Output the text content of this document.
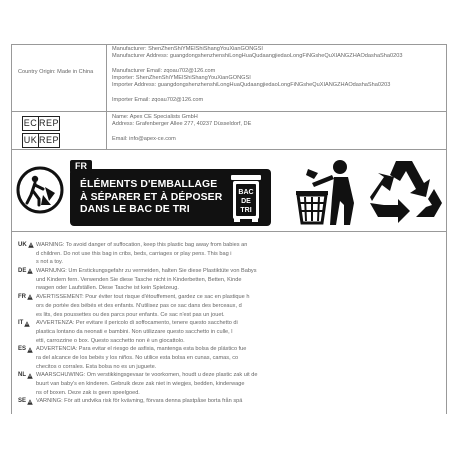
Country Origin: Made in China
Manufacturer: ShenZhenShiYMEIShiShangYouXianGONGSI
Manufacturer Address: guangdongshenzhenshiLongHuaQudaangjiedaoLongFiNGsheQuXIANGZHAOdashaSha0203
Manufacturer Email: zqoau702@126.com
Importer: ShenZhenShiYMEIShiShangYouXianGONGSI
Importer Address: guangdongshenzhenshiLongHuaQudaangjiedaoLongFiNGsheQuXIANGZHAOdashaSha0203
Importer Email: zqoau702@126.com
EC REP
UK REP
Name: Apex CE Specialists GmbH
Address: Grafenberger Allee 277, 40237 Düsseldorf, DE
Email: info@apex-ce.com
FR
ÉLÉMENTS D'EMBALLAGE
À SÉPARER ET À DÉPOSER
DANS LE BAC DE TRI
BAC
DE
TRI
UK WARNING: To avoid danger of suffocation, keep this plastic bag away from babies an
d children. Do not use this bag in cribs, beds, carriages or play pens. This bag i
s not a toy.
DE WARNUNG: Um Erstickungsgefahr zu vermeiden, halten Sie diese Plastiktüte von Babys
und Kindern fern. Verwenden Sie diese Tasche nicht in Kinderbetten, Betten, Kinde
rwagen oder Laufställen. Diese Tasche ist kein Spielzeug.
FR AVERTISSEMENT: Pour éviter tout risque d'étouffement, gardez ce sac en plastique h
ors de portée des bébés et des enfants. N'utilisez pas ce sac dans des berceaux, d
es lits, des poussettes ou des parcs pour enfants. Ce sac n'est pas un jouet.
IT AVVERTENZA: Per evitare il pericolo di soffocamento, tenere questo sacchetto di
plastica lontano da neonati e bambini. Non utilizzare questo sacchetto in culle, l
etti, carrozzine o box. Questo sacchetto non è un giocattolo.
ES ADVERTENCIA: Para evitar el riesgo de asfixia, mantenga esta bolsa de plástico fue
ra del alcance de los bebés y los niños. No utilice esta bolsa en cunas, camas, co
checitos o corrales. Esta bolsa no es un juguete.
NL WAARSCHUWING: Om verstikkingsgevaar te voorkomen, houdt u deze plastic zak uit de
buurt van baby's en kinderen. Gebruik deze zak niet in wiegjes, bedden, kinderwage
ns of boxen. Deze zak is geen speelgoed.
SE VARNING: För att undvika risk för kvävning, förvara denna plastpåse borta från spä
